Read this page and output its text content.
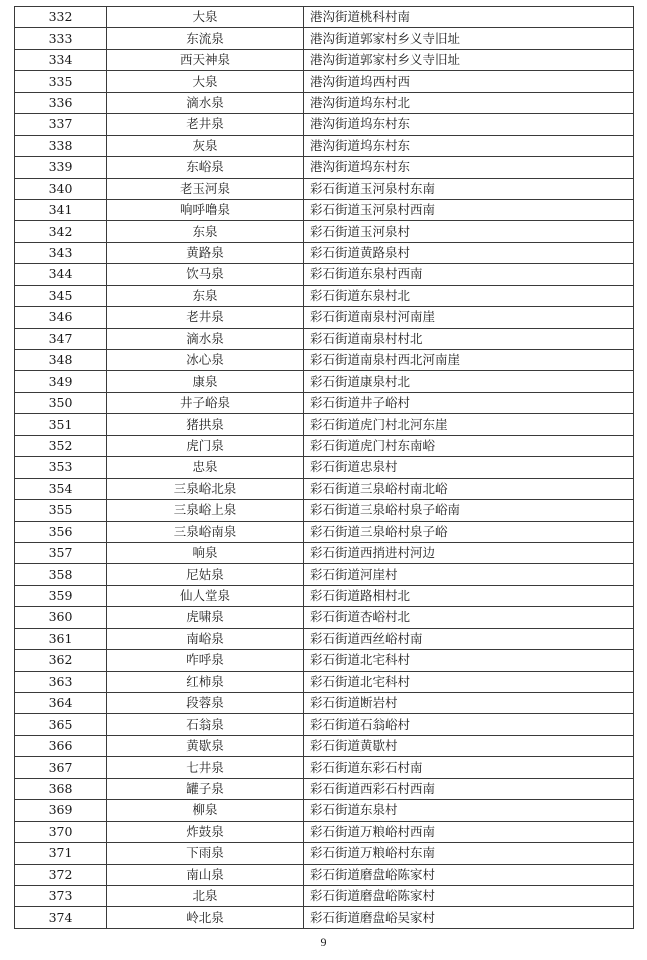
332	大泉	港沟街道桃科村南
333	东流泉	港沟街道郭家村乡义寺旧址
334	西天神泉	港沟街道郭家村乡义寺旧址
335	大泉	港沟街道坞西村西
336	滴水泉	港沟街道坞东村北
337	老井泉	港沟街道坞东村东
338	灰泉	港沟街道坞东村东
339	东峪泉	港沟街道坞东村东
340	老玉河泉	彩石街道玉河泉村东南
341	响呼噜泉	彩石街道玉河泉村西南
342	东泉	彩石街道玉河泉村
343	黄路泉	彩石街道黄路泉村
344	饮马泉	彩石街道东泉村西南
345	东泉	彩石街道东泉村北
346	老井泉	彩石街道南泉村河南崖
347	滴水泉	彩石街道南泉村村北
348	冰心泉	彩石街道南泉村西北河南崖
349	康泉	彩石街道康泉村北
350	井子峪泉	彩石街道井子峪村
351	猪拱泉	彩石街道虎门村北河东崖
352	虎门泉	彩石街道虎门村东南峪
353	忠泉	彩石街道忠泉村
354	三泉峪北泉	彩石街道三泉峪村南北峪
355	三泉峪上泉	彩石街道三泉峪村泉子峪南
356	三泉峪南泉	彩石街道三泉峪村泉子峪
357	响泉	彩石街道西捎进村河边
358	尼姑泉	彩石街道河崖村
359	仙人堂泉	彩石街道路相村北
360	虎啸泉	彩石街道杏峪村北
361	南峪泉	彩石街道西丝峪村南
362	咋呼泉	彩石街道北宅科村
363	红柿泉	彩石街道北宅科村
364	段蓉泉	彩石街道断岩村
365	石翁泉	彩石街道石翁峪村
366	黄歇泉	彩石街道黄歇村
367	七井泉	彩石街道东彩石村南
368	罐子泉	彩石街道西彩石村西南
369	柳泉	彩石街道东泉村
370	炸鼓泉	彩石街道万粮峪村西南
371	下雨泉	彩石街道万粮峪村东南
372	南山泉	彩石街道磨盘峪陈家村
373	北泉	彩石街道磨盘峪陈家村
374	岭北泉	彩石街道磨盘峪吴家村
9
